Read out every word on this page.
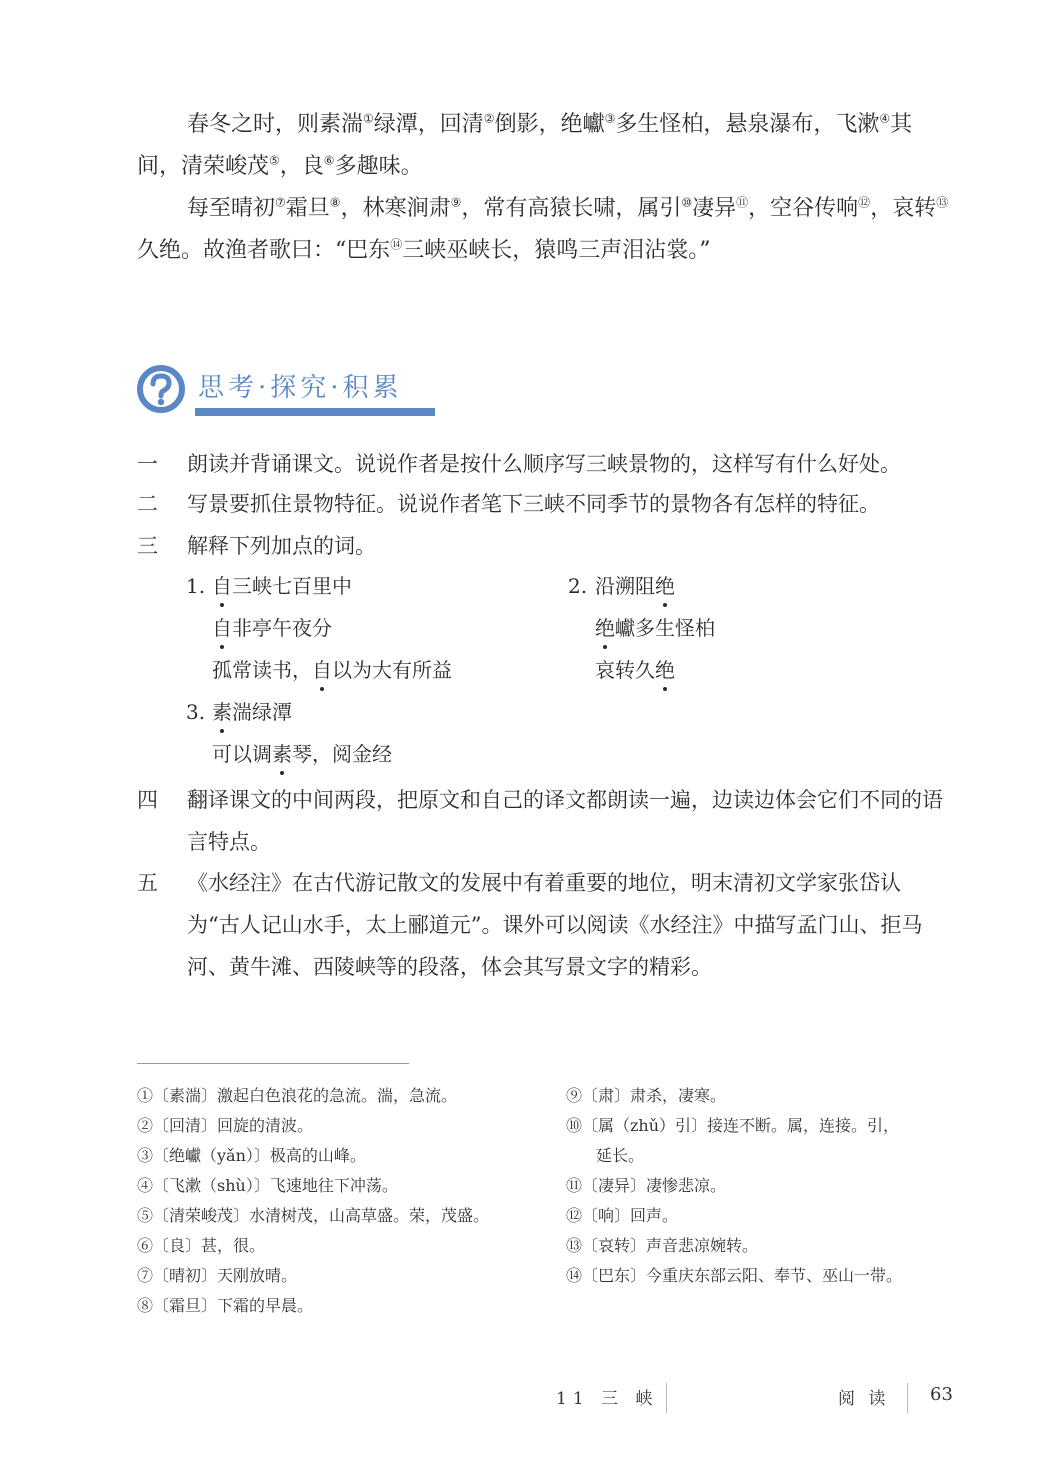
春冬之时，则素湍①绿潭，回清②倒影，绝巘③多生怪柏，悬泉瀑布，飞漱④其间，清荣峻茂⑤，良⑥多趣味。

每至晴初⑦霜旦⑧，林寒涧肃⑨，常有高猿长啸，属引⑩凄异⑪，空谷传响⑫，哀转⑬久绝。故渔者歌曰：“巴东⑭三峡巫峡长，猿鸣三声泪沾裳。”

思考·探究·积累
一	朗读并背诵课文。说说作者是按什么顺序写三峡景物的，这样写有什么好处。
二	写景要抓住景物特征。说说作者笔下三峡不同季节的景物各有怎样的特征。
三	解释下列加点的词。
1. 自三峡七百里中
自非亭午夜分
孤常读书，自以为大有所益
2. 沿溯阻绝
绝巘多生怪柏
哀转久绝
3. 素湍绿潭
可以调素琴，阅金经
四	翻译课文的中间两段，把原文和自己的译文都朗读一遍，边读边体会它们不同的语言特点。
五	《水经注》在古代游记散文的发展中有着重要的地位，明末清初文学家张岱认为“古人记山水手，太上郦道元”。课外可以阅读《水经注》中描写孟门山、拒马河、黄牛滩、西陵峡等的段落，体会其写景文字的精彩。
①〔素湍〕激起白色浪花的急流。湍，急流。
②〔回清〕回旋的清波。
③〔绝巘（yǎn）〕极高的山峰。
④〔飞漱（shù）〕飞速地往下冲荡。
⑤〔清荣峻茂〕水清树茂，山高草盛。荣，茂盛。
⑥〔良〕甚，很。
⑦〔晴初〕天刚放晴。
⑧〔霜旦〕下霜的早晨。
⑨〔肃〕肃杀，凄寒。
⑩〔属（zhǔ）引〕接连不断。属，连接。引，
延长。
⑪〔凄异〕凄惨悲凉。
⑫〔响〕回声。
⑬〔哀转〕声音悲凉婉转。
⑭〔巴东〕今重庆东部云阳、奉节、巫山一带。
11 三 峡	阅 读 63
